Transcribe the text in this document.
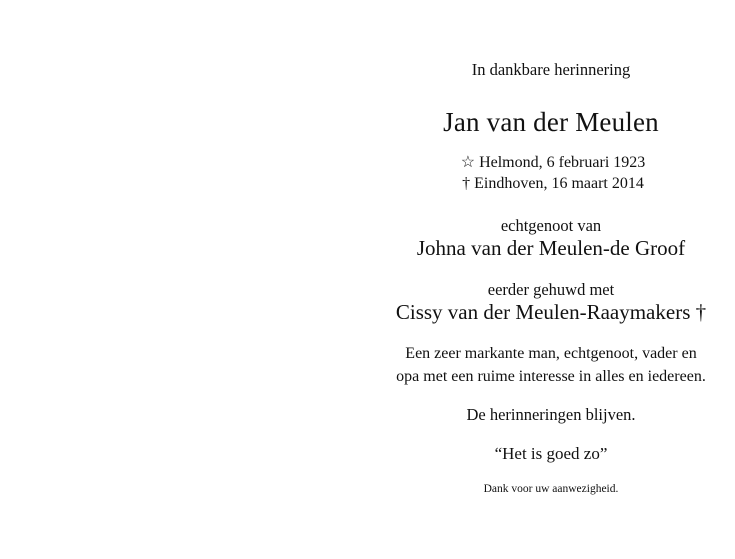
In dankbare herinnering
Jan van der Meulen
☆ Helmond, 6 februari 1923
† Eindhoven, 16 maart 2014
echtgenoot van
Johna van der Meulen-de Groof
eerder gehuwd met
Cissy van der Meulen-Raaymakers †
Een zeer markante man, echtgenoot, vader en
opa met een ruime interesse in alles en iedereen.
De herinneringen blijven.
“Het is goed zo”
Dank voor uw aanwezigheid.
